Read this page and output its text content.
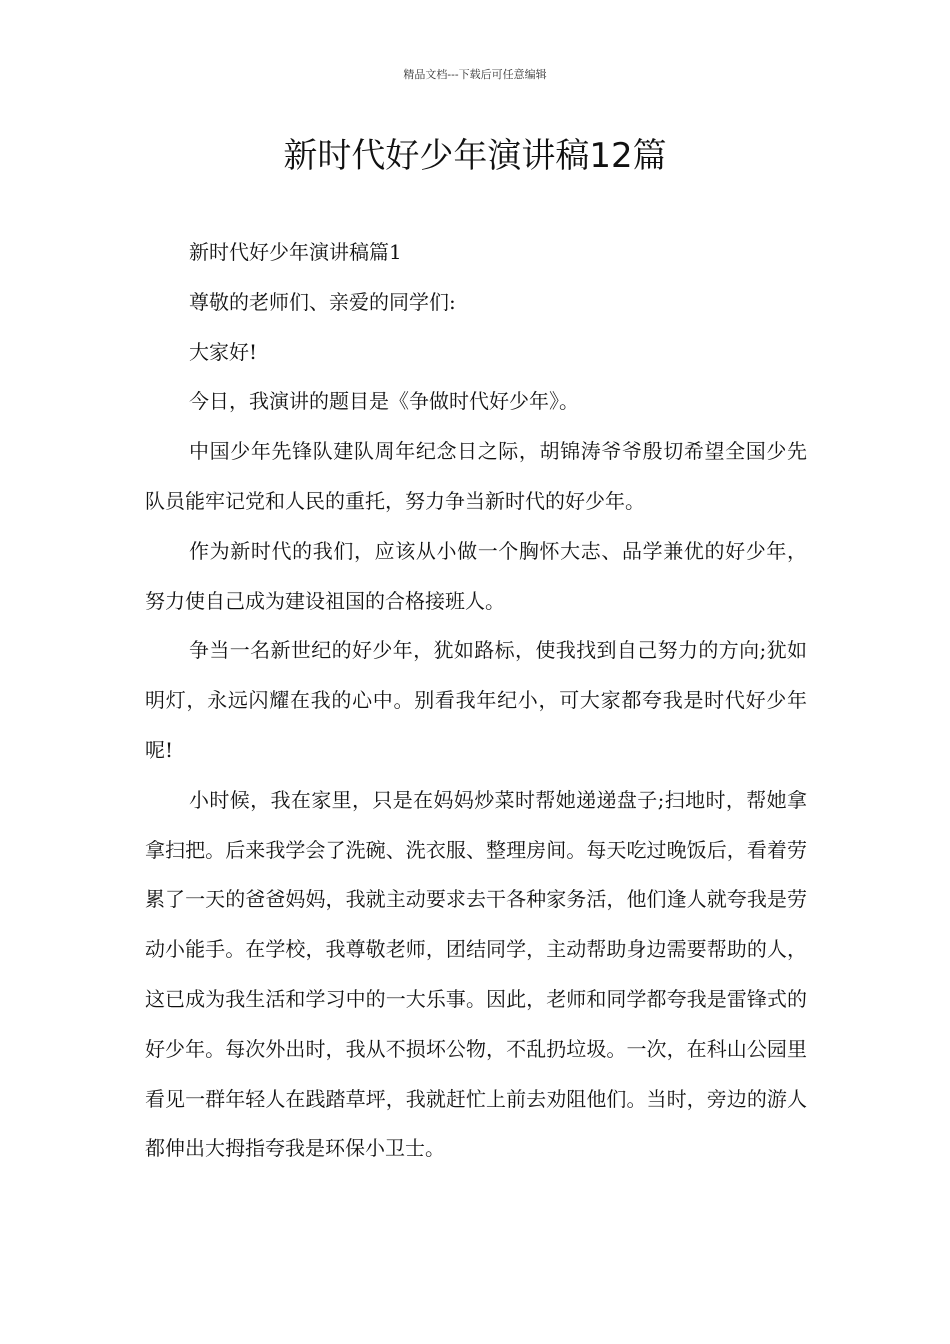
精品文档---下载后可任意编辑
新时代好少年演讲稿12篇

新时代好少年演讲稿篇1

尊敬的老师们、亲爱的同学们:

大家好!

今日，我演讲的题目是《争做时代好少年》。

中国少年先锋队建队周年纪念日之际，胡锦涛爷爷殷切希望全国少先队员能牢记党和人民的重托，努力争当新时代的好少年。

作为新时代的我们，应该从小做一个胸怀大志、品学兼优的好少年，努力使自己成为建设祖国的合格接班人。

争当一名新世纪的好少年，犹如路标，使我找到自己努力的方向;犹如明灯，永远闪耀在我的心中。别看我年纪小，可大家都夸我是时代好少年呢!

小时候，我在家里，只是在妈妈炒菜时帮她递递盘子;扫地时，帮她拿拿扫把。后来我学会了洗碗、洗衣服、整理房间。每天吃过晚饭后，看着劳累了一天的爸爸妈妈，我就主动要求去干各种家务活，他们逢人就夸我是劳动小能手。在学校，我尊敬老师，团结同学，主动帮助身边需要帮助的人，这已成为我生活和学习中的一大乐事。因此，老师和同学都夸我是雷锋式的好少年。每次外出时，我从不损坏公物，不乱扔垃圾。一次，在科山公园里看见一群年轻人在践踏草坪，我就赶忙上前去劝阻他们。当时，旁边的游人都伸出大拇指夸我是环保小卫士。
